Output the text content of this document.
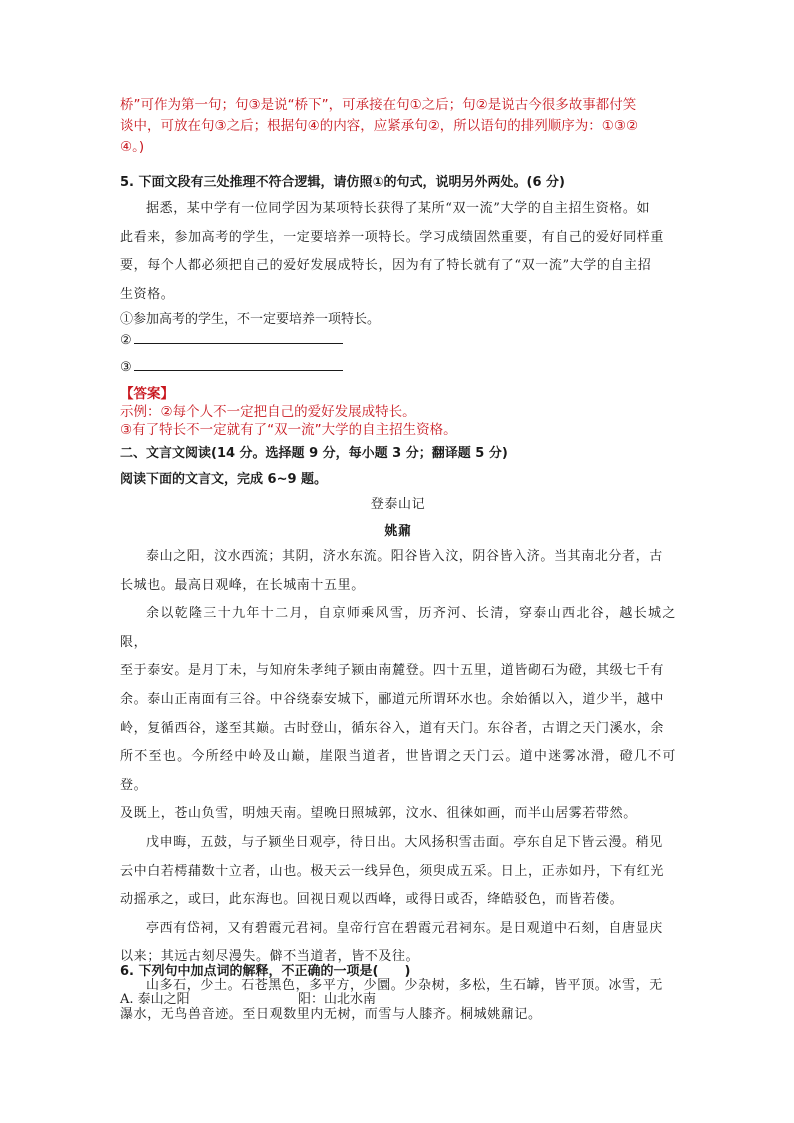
桥”可作为第一句；句③是说“桥下”，可承接在句①之后；句②是说古今很多故事都付笑

谈中，可放在句③之后；根据句④的内容，应紧承句②，所以语句的排列顺序为：①③②

④。)

5. 下面文段有三处推理不符合逻辑，请仿照①的句式，说明另外两处。(6 分)

据悉，某中学有一位同学因为某项特长获得了某所“双一流”大学的自主招生资格。如

此看来，参加高考的学生，一定要培养一项特长。学习成绩固然重要，有自己的爱好同样重

要，每个人都必须把自己的爱好发展成特长，因为有了特长就有了“双一流”大学的自主招

生资格。

①参加高考的学生，不一定要培养一项特长。
②
③
【答案】
示例：②每个人不一定把自己的爱好发展成特长。
③有了特长不一定就有了“双一流”大学的自主招生资格。
二、文言文阅读(14 分。选择题 9 分，每小题 3 分；翻译题 5 分)
阅读下面的文言文，完成 6~9 题。
登泰山记
姚鼐

泰山之阳，汶水西流；其阴，济水东流。阳谷皆入汶，阴谷皆入济。当其南北分者，古

长城也。最高日观峰，在长城南十五里。

余以乾隆三十九年十二月，自京师乘风雪，历齐河、长清，穿泰山西北谷，越长城之限，

至于泰安。是月丁未，与知府朱孝纯子颍由南麓登。四十五里，道皆砌石为磴，其级七千有

余。泰山正南面有三谷。中谷绕泰安城下，郦道元所谓环水也。余始循以入，道少半，越中

岭，复循西谷，遂至其巅。古时登山，循东谷入，道有天门。东谷者，古谓之天门溪水，余

所不至也。今所经中岭及山巅，崖限当道者，世皆谓之天门云。道中迷雾冰滑，磴几不可登。

及既上，苍山负雪，明烛天南。望晚日照城郭，汶水、徂徕如画，而半山居雾若带然。

戊申晦，五鼓，与子颍坐日观亭，待日出。大风扬积雪击面。亭东自足下皆云漫。稍见

云中白若樗蒱数十立者，山也。极天云一线异色，须臾成五采。日上，正赤如丹，下有红光

动摇承之，或曰，此东海也。回视日观以西峰，或得日或否，绛皓驳色，而皆若偻。

亭西有岱祠，又有碧霞元君祠。皇帝行宫在碧霞元君祠东。是日观道中石刻，自唐显庆

以来；其远古刻尽漫失。僻不当道者，皆不及往。

山多石，少土。石苍黑色，多平方，少圜。少杂树，多松，生石罅，皆平顶。冰雪，无

瀑水，无鸟兽音迹。至日观数里内无树，而雪与人膝齐。桐城姚鼐记。

6. 下列句中加点词的解释，不正确的一项是(　　)
A. 泰山之阳	阳：山北水南
